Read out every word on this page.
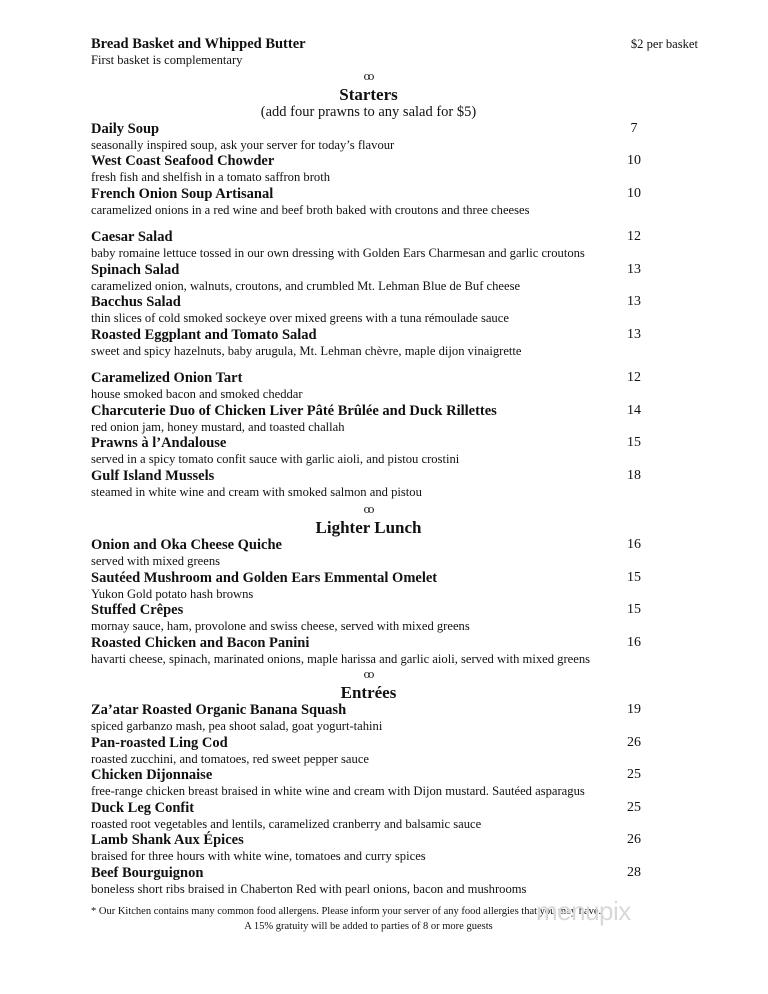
Bread Basket and Whipped Butter	$2 per basket
First basket is complementary
ꝏ
Starters
(add four prawns to any salad for $5)
Daily Soup	7
seasonally inspired soup, ask your server for today’s flavour
West Coast Seafood Chowder	10
fresh fish and shelfish in a tomato saffron broth
French Onion Soup Artisanal	10
caramelized onions in a red wine and beef broth baked with croutons and three cheeses
Caesar Salad	12
baby romaine lettuce tossed in our own dressing with Golden Ears Charmesan and garlic croutons
Spinach Salad	13
caramelized onion, walnuts, croutons, and crumbled Mt. Lehman Blue de Buf cheese
Bacchus Salad	13
thin slices of cold smoked sockeye over mixed greens with a tuna rémoulade sauce
Roasted Eggplant and Tomato Salad	13
sweet and spicy hazelnuts, baby arugula, Mt. Lehman chèvre, maple dijon vinaigrette
Caramelized Onion Tart	12
house smoked bacon and smoked cheddar
Charcuterie Duo of Chicken Liver Pâté Brûlée and Duck Rillettes	14
red onion jam, honey mustard, and toasted challah
Prawns à l’Andalouse	15
served in a spicy tomato confit sauce with garlic aioli, and pistou crostini
Gulf Island Mussels	18
steamed in white wine and cream with smoked salmon and pistou
ꝏ
Lighter Lunch
Onion and Oka Cheese Quiche	16
served with mixed greens
Sautéed Mushroom and Golden Ears Emmental Omelet	15
Yukon Gold potato hash browns
Stuffed Crêpes	15
mornay sauce, ham, provolone and swiss cheese, served with mixed greens
Roasted Chicken and Bacon Panini	16
havarti cheese, spinach, marinated onions, maple harissa and garlic aioli, served with mixed greens
ꝏ
Entrées
Za’atar Roasted Organic Banana Squash	19
spiced garbanzo mash, pea shoot salad, goat yogurt-tahini
Pan-roasted Ling Cod	26
roasted zucchini, and tomatoes, red sweet pepper sauce
Chicken Dijonnaise	25
free-range chicken breast braised in white wine and cream with Dijon mustard. Sautéed asparagus
Duck Leg Confit	25
roasted root vegetables and lentils, caramelized cranberry and balsamic sauce
Lamb Shank Aux Épices	26
braised for three hours with white wine, tomatoes and curry spices
Beef Bourguignon	28
boneless short ribs braised in Chaberton Red with pearl onions, bacon and mushrooms
* Our Kitchen contains many common food allergens. Please inform your server of any food allergies that you may have.
A 15% gratuity will be added to parties of 8 or more guests
menupix
